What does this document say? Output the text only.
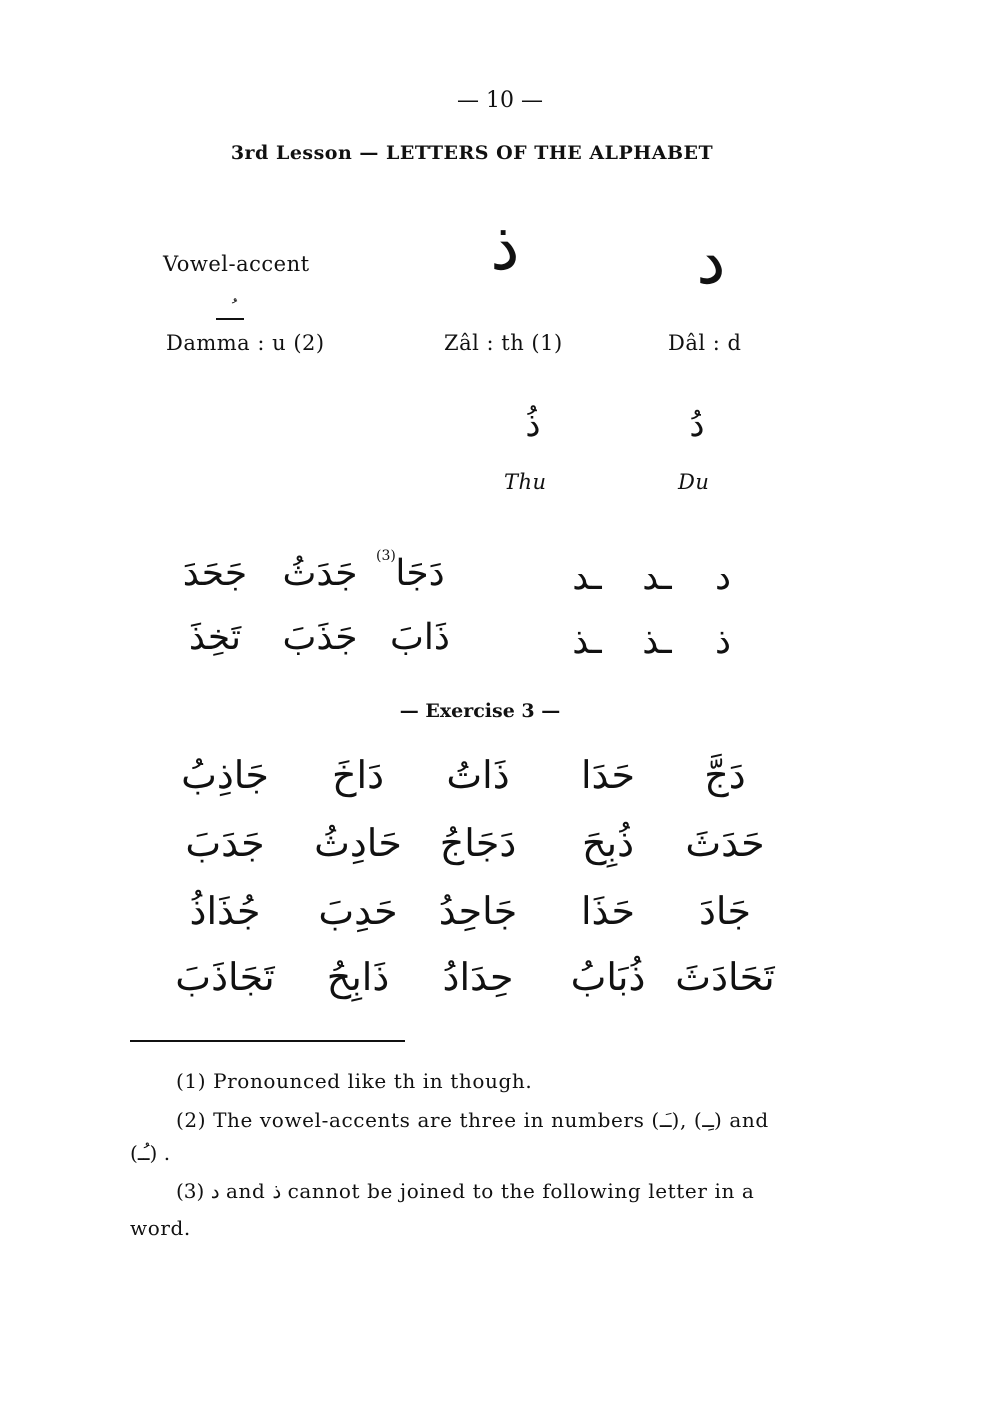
— 10 —
3rd Lesson — LETTERS OF THE ALPHABET
Vowel-accent
Damma : u (2)
ذ
Zâl : th (1)
د
Dâl : d
ذُ
Thu
دُ
Du
جَحَدَ جَدَثُ دَجَا
(3)
ـد ـد د
تَخِذَ جَذَبَ ذَابَ	ـذ ـذ ذ
— Exercise 3 —
دَجَّ
حَدَا
ذَاتُ
دَاخَ
جَاذِبُ
حَدَثَ
ذُبِحَ
دَجَاجُ
حَادِثُ
جَدَبَ
جَادَ
حَذَا
جَاحِدُ
حَدِبَ
جُذَاذُ
تَحَادَثَ
ذُبَابُ
حِدَادُ
ذَابِحُ
تَجَاذَبَ
(1) Pronounced like th in though.
(2) The vowel-accents are three in numbers (ـَـ), (ـِـ) and
(ـُـ) .
(3) د and ذ cannot be joined to the following letter in a
word.
